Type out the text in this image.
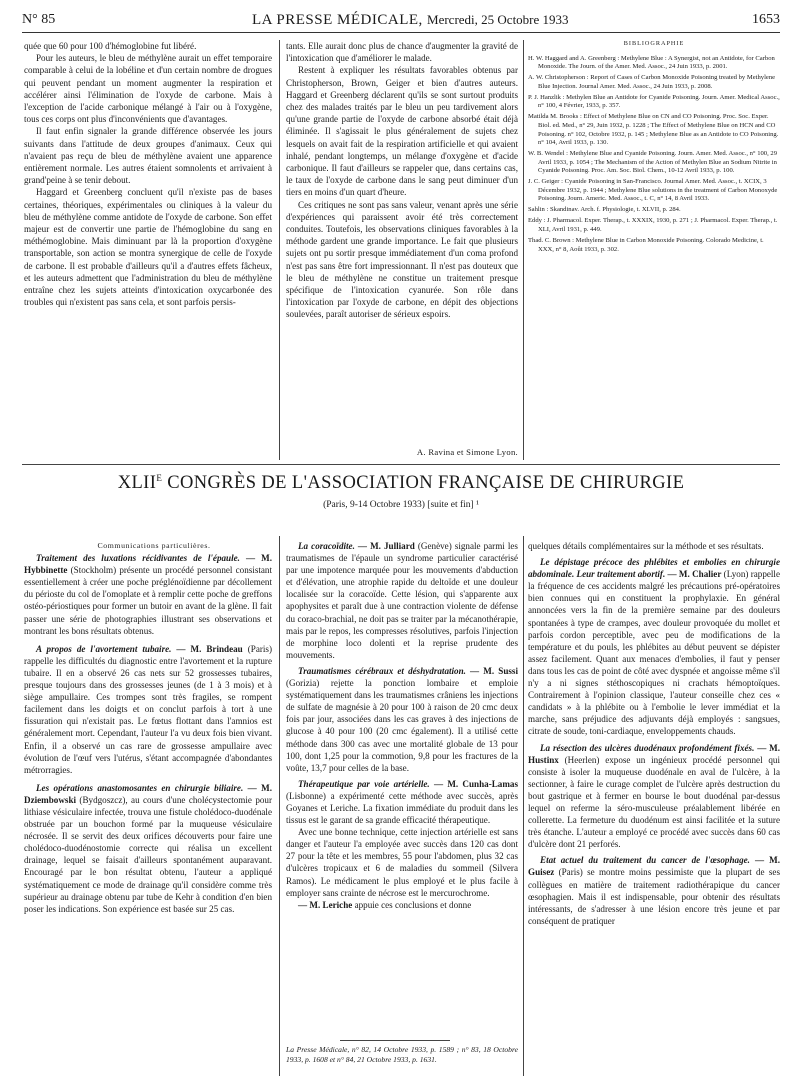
N° 85	LA PRESSE MÉDICALE, Mercredi, 25 Octobre 1933	1653

quée que 60 pour 100 d'hémoglobine fut libéré.

Pour les auteurs, le bleu de méthylène aurait un effet temporaire comparable à celui de la lobéline et d'un certain nombre de drogues qui peuvent pendant un moment augmenter la respiration et accélérer ainsi l'élimination de l'oxyde de carbone. Mais à l'exception de l'acide carbonique mélangé à l'air ou à l'oxygène, tous ces corps ont plus d'inconvénients que d'avantages.

Il faut enfin signaler la grande différence observée les jours suivants dans l'attitude de deux groupes d'animaux. Ceux qui n'avaient pas reçu de bleu de méthylène avaient une apparence entièrement normale. Les autres étaient somnolents et arrivaient à grand'peine à se tenir debout.

Haggard et Greenberg concluent qu'il n'existe pas de bases certaines, théoriques, expérimentales ou cliniques à la valeur du bleu de méthylène comme antidote de l'oxyde de carbone. Son effet majeur est de convertir une partie de l'hémoglobine du sang en méthémoglobine. Mais diminuant par là la proportion d'oxygène transportable, son action se montra synergique de celle de l'oxyde de carbone. Il est probable d'ailleurs qu'il a d'autres effets fâcheux, et les auteurs admettent que l'administration du bleu de méthylène entraîne chez les sujets atteints d'intoxication oxycarbonée des troubles qui n'existent pas sans cela, et sont parfois persis-

tants. Elle aurait donc plus de chance d'augmenter la gravité de l'intoxication que d'améliorer le malade.

Restent à expliquer les résultats favorables obtenus par Christopherson, Brown, Geiger et bien d'autres auteurs. Haggard et Greenberg déclarent qu'ils se sont surtout produits chez des malades traités par le bleu un peu tardivement alors qu'une grande partie de l'oxyde de carbone absorbé était déjà éliminée. Il s'agissait le plus généralement de sujets chez lesquels on avait fait de la respiration artificielle et qui avaient inhalé, pendant longtemps, un mélange d'oxygène et d'acide carbonique. Il faut d'ailleurs se rappeler que, dans certains cas, le taux de l'oxyde de carbone dans le sang peut diminuer d'un tiers en moins d'un quart d'heure.

Ces critiques ne sont pas sans valeur, venant après une série d'expériences qui paraissent avoir été très correctement conduites. Toutefois, les observations cliniques favorables à la méthode gardent une grande importance. Le fait que plusieurs sujets ont pu sortir presque immédiatement d'un coma profond n'est pas sans être fort impressionnant. Il n'est pas douteux que le bleu de méthylène ne constitue un traitement presque spécifique de l'intoxication cyanurée. Son rôle dans l'intoxication par l'oxyde de carbone, en dépit des objections soulevées, paraît autoriser de sérieux espoirs.

A. Ravina et Simone Lyon.
BIBLIOGRAPHIE

H. W. Haggard and A. Greenberg : Methylene Blue : A Synergist, not an Antidote, for Carbon Monoxide. The Journ. of the Amer. Med. Assoc., 24 Juin 1933, p. 2001.

A. W. Christopherson : Report of Cases of Carbon Monoxide Poisoning treated by Methylene Blue Injection. Journal Amer. Med. Assoc., 24 Juin 1933, p. 2008.

P. J. Hanzlik : Methylen Blue an Antidote for Cyanide Poisoning. Journ. Amer. Medical Assoc., n° 100, 4 Février, 1933, p. 357.

Matilda M. Brooks : Effect of Methylene Blue on CN and CO Poisoning. Proc. Soc. Exper. Biol. ed. Med., n° 29, Juin 1932, p. 1228 ; The Effect of Methylene Blue on HCN and CO Poisoning. n° 102, Octobre 1932, p. 145 ; Methylene Blue as an Antidote to CO Poisoning. n° 104, Avril 1933, p. 130.

W. B. Wendel : Methylene Blue and Cyanide Poisoning. Journ. Amer. Med. Assoc., n° 100, 29 Avril 1933, p. 1054 ; The Mechanism of the Action of Methylen Blue an Sodium Nitrite in Cyanide Poisoning. Proc. Am. Soc. Biol. Chem., 10-12 Avril 1933, p. 100.

J. C. Geiger : Cyanide Poisoning in San-Francisco. Journal Amer. Med. Assoc., t. XCIX, 3 Décembre 1932, p. 1944 ; Methylene Blue solutions in the treatment of Carbon Monoxyde Poisoning. Journ. Americ. Med. Assoc., t. C, n° 14, 8 Avril 1933.

Sahlin : Skandinav. Arch. f. Physiologie, t. XLVII, p. 284.

Eddy : J. Pharmacol. Exper. Therap., t. XXXIX, 1930, p. 271 ; J. Pharmacol. Exper. Therap., t. XLI, Avril 1931, p. 449.

Thad. C. Brown : Methylene Blue in Carbon Monoxide Poisoning. Colorado Medicine, t. XXX, n° 8, Août 1933, p. 302.

$XLII^E$ CONGRÈS DE L'ASSOCIATION FRANÇAISE DE CHIRURGIE
(Paris, 9-14 Octobre 1933) [suite et fin] ¹

Communications particulières.

Traitement des luxations récidivantes de l'épaule. — M. Hybbinette (Stockholm) présente un procédé personnel consistant essentiellement à créer une poche préglénoïdienne par décollement du périoste du col de l'omoplate et à remplir cette poche de greffons ostéo-périostiques pour former un butoir en avant de la glène. Il fait passer une série de photographies illustrant ses observations et montrant les bons résultats obtenus.

A propos de l'avortement tubaire. — M. Brindeau (Paris) rappelle les difficultés du diagnostic entre l'avortement et la rupture tubaire. Il en a observé 26 cas nets sur 52 grossesses tubaires, presque toujours dans des grossesses jeunes (de 1 à 3 mois) et à siège ampullaire. Ces trompes sont très fragiles, se rompent facilement dans les doigts et on conclut parfois à tort à une fissuration qui n'existait pas. Le fœtus flottant dans l'amnios est généralement mort. Cependant, l'auteur l'a vu deux fois bien vivant. Enfin, il a observé un cas rare de grossesse ampullaire avec évolution de l'œuf vers l'utérus, s'étant accompagnée d'abondantes métrorragies.

Les opérations anastomosantes en chirurgie biliaire. — M. Dziembowski (Bydgoszcz), au cours d'une cholécystectomie pour lithiase vésiculaire infectée, trouva une fistule cholédoco-duodénale obstruée par un bouchon formé par la muqueuse vésiculaire nécrosée. Il se servit des deux orifices découverts pour faire une cholédoco-duodénostomie correcte qui réalisa un excellent drainage, lequel se faisait d'ailleurs spontanément auparavant. Encouragé par le bon résultat obtenu, l'auteur a appliqué systématiquement ce mode de drainage qu'il considère comme très supérieur au drainage obtenu par tube de Kehr à condition d'en bien poser les indications. Son expérience est basée sur 25 cas.

La coracoïdite. — M. Julliard (Genève) signale parmi les traumatismes de l'épaule un syndrome particulier caractérisé par une impotence marquée pour les mouvements d'abduction et d'élévation, une atrophie rapide du deltoïde et une douleur localisée sur la coracoïde. Cette lésion, qui s'apparente aux apophysites et paraît due à une contraction violente de défense du coraco-brachial, ne doit pas se traiter par la mécanothérapie, mais par le repos, les compresses résolutives, parfois l'injection de morphine loco dolenti et la reprise prudente des mouvements.

Traumatismes cérébraux et déshydratation. — M. Sussi (Gorizia) rejette la ponction lombaire et emploie systématiquement dans les traumatismes crâniens les injections de sulfate de magnésie à 20 pour 100 à raison de 20 cmc deux fois par jour, associées dans les cas graves à des injections de glucose à 40 pour 100 (20 cmc également). Il a utilisé cette méthode dans 300 cas avec une mortalité globale de 13 pour 100, dont 1,25 pour la commotion, 9,8 pour les fractures de la voûte, 13,7 pour celles de la base.

Thérapeutique par voie artérielle. — M. Cunha-Lamas (Lisbonne) a expérimenté cette méthode avec succès, après Goyanes et Leriche. La fixation immédiate du produit dans les tissus est le garant de sa grande efficacité thérapeutique.

Avec une bonne technique, cette injection artérielle est sans danger et l'auteur l'a employée avec succès dans 120 cas dont 27 pour la tête et les membres, 55 pour l'abdomen, plus 32 cas d'ulcères tropicaux et 6 de maladies du sommeil (Silvera Ramos). Le médicament le plus employé et le plus facile à employer sans crainte de nécrose est le mercurochrome.

— M. Leriche appuie ces conclusions et donne

La Presse Médicale, n° 82, 14 Octobre 1933, p. 1589 ; n° 83, 18 Octobre 1933, p. 1608 et n° 84, 21 Octobre 1933, p. 1631.

quelques détails complémentaires sur la méthode et ses résultats.

Le dépistage précoce des phlébites et embolies en chirurgie abdominale. Leur traitement abortif. — M. Chalier (Lyon) rappelle la fréquence de ces accidents malgré les précautions pré-opératoires bien connues qui en constituent la prophylaxie. En général annoncées vers la fin de la première semaine par des douleurs spontanées à type de crampes, avec douleur provoquée du mollet et parfois cordon perceptible, avec peu de modifications de la température et du pouls, les phlébites au début peuvent se dépister assez facilement. Quant aux menaces d'embolies, il faut y penser dans tous les cas de point de côté avec dyspnée et angoisse même s'il n'y a ni signes stéthoscopiques ni crachats hémoptoïques. Contrairement à l'opinion classique, l'auteur conseille chez ces « candidats » à la phlébite ou à l'embolie le lever immédiat et la marche, sans préjudice des adjuvants déjà employés : sangsues, citrate de soude, toni-cardiaque, enveloppements chauds.

La résection des ulcères duodénaux profondément fixés. — M. Hustinx (Heerlen) expose un ingénieux procédé personnel qui consiste à isoler la muqueuse duodénale en aval de l'ulcère, à la sectionner, à faire le curage complet de l'ulcère après destruction du bout gastrique et à fermer en bourse le bout duodénal par-dessus lequel on referme la séro-musculeuse préalablement libérée en collerette. La fermeture du duodénum est ainsi facilitée et la suture très étanche. L'auteur a employé ce procédé avec succès dans 60 cas d'ulcère dont 21 perforés.

Etat actuel du traitement du cancer de l'œsophage. — M. Guisez (Paris) se montre moins pessimiste que la plupart de ses collègues en matière de traitement radiothérapique du cancer œsophagien. Mais il est indispensable, pour obtenir des résultats intéressants, de s'adresser à une lésion encore très jeune et par conséquent de pratiquer
